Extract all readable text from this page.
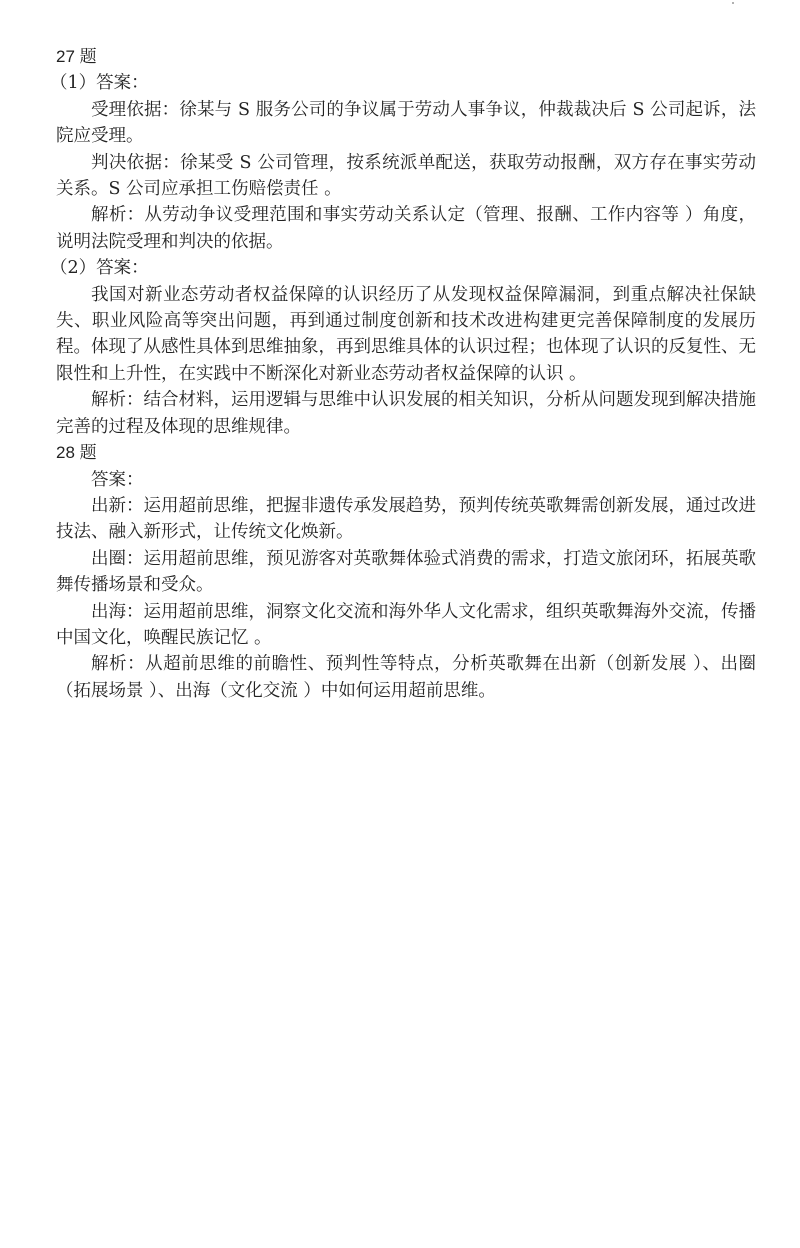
27 题

（1）答案：

受理依据：徐某与 S 服务公司的争议属于劳动人事争议，仲裁裁决后 S 公司起诉，法院应受理。

判决依据：徐某受 S 公司管理，按系统派单配送，获取劳动报酬，双方存在事实劳动关系。S 公司应承担工伤赔偿责任 。

解析：从劳动争议受理范围和事实劳动关系认定（管理、报酬、工作内容等 ）角度，说明法院受理和判决的依据。

（2）答案：

我国对新业态劳动者权益保障的认识经历了从发现权益保障漏洞，到重点解决社保缺失、职业风险高等突出问题，再到通过制度创新和技术改进构建更完善保障制度的发展历程。体现了从感性具体到思维抽象，再到思维具体的认识过程；也体现了认识的反复性、无限性和上升性，在实践中不断深化对新业态劳动者权益保障的认识 。

解析：结合材料，运用逻辑与思维中认识发展的相关知识，分析从问题发现到解决措施完善的过程及体现的思维规律。

28 题

答案：

出新：运用超前思维，把握非遗传承发展趋势，预判传统英歌舞需创新发展，通过改进技法、融入新形式，让传统文化焕新。

出圈：运用超前思维，预见游客对英歌舞体验式消费的需求，打造文旅闭环，拓展英歌舞传播场景和受众。

出海：运用超前思维，洞察文化交流和海外华人文化需求，组织英歌舞海外交流，传播中国文化，唤醒民族记忆 。

解析：从超前思维的前瞻性、预判性等特点，分析英歌舞在出新（创新发展 ）、出圈（拓展场景 ）、出海（文化交流 ）中如何运用超前思维。
